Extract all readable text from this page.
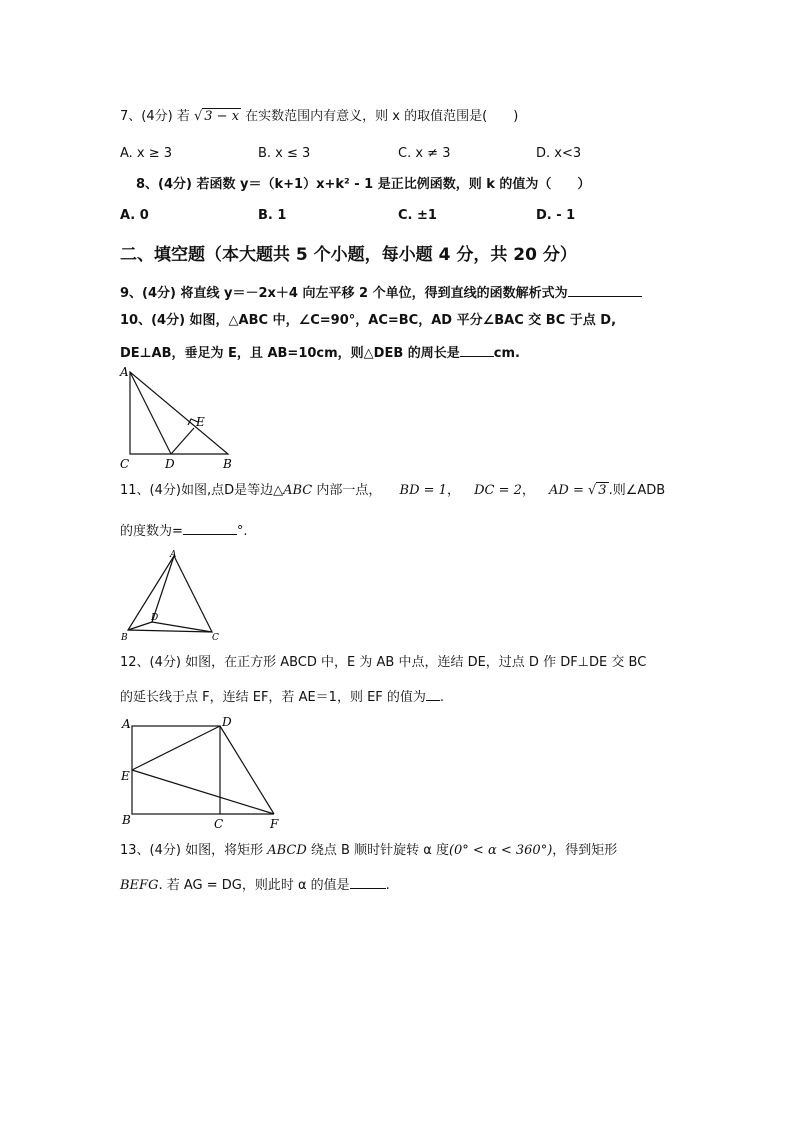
7、(4分) 若 √ 3 − x 在实数范围内有意义，则 x 的取值范围是(　　)
A. x ≥ 3	B. x ≤ 3	C. x ≠ 3	D. x<3
8、(4分) 若函数 y＝（k+1）x+k² - 1 是正比例函数，则 k 的值为（　　）
A. 0	B. 1	C. ±1	D. - 1
二、填空题（本大题共 5 个小题，每小题 4 分，共 20 分）
9、(4分) 将直线 y＝－2x＋4 向左平移 2 个单位，得到直线的函数解析式为
10、(4分) 如图，△ABC 中，∠C=90°，AC=BC，AD 平分∠BAC 交 BC 于点 D,
DE⊥AB，垂足为 E，且 AB=10cm，则△DEB 的周长是	cm.
A
C	D	B
E
11、(4分)如图,点D是等边△ABC 内部一点， BD = 1， DC = 2， AD = √ 3 .则∠ADB
的度数为=	°.
A
B	C
D
12、(4分) 如图，在正方形 ABCD 中，E 为 AB 中点，连结 DE，过点 D 作 DF⊥DE 交 BC
的延长线于点 F，连结 EF，若 AE＝1，则 EF 的值为 .
A	D
E
B	C	F
13、(4分) 如图，将矩形 ABCD 绕点 B 顺时针旋转 α 度(0° < α < 360°)，得到矩形
BEFG. 若 AG = DG，则此时 α 的值是	.
